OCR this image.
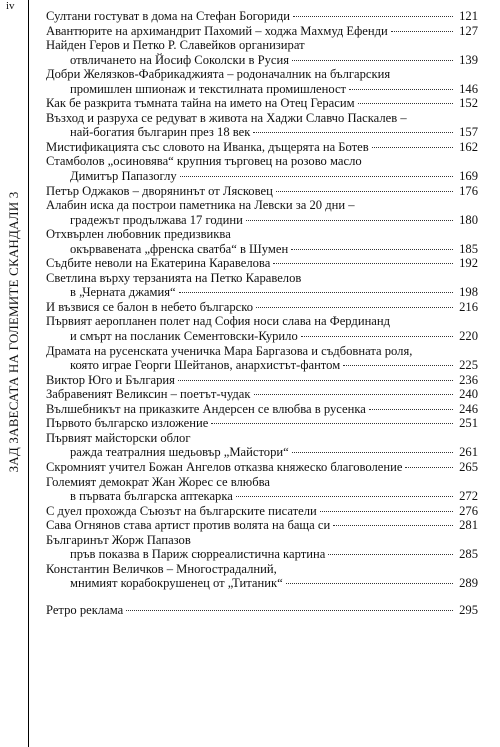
iv
ЗАД ЗАВЕСАТА НА ГОЛЕМИТЕ СКАНДАЛИ 3
Султани гостуват в дома на Стефан Богориди	121
Авантюрите на архимандрит Пахомий – ходжа Махмуд Ефенди	127
Найден Геров и Петко Р. Славейков организират
отвличането на Йосиф Соколски в Русия	139
Добри Желязков-Фабрикаджията – родоначалник на българския
промишлен шпионаж и текстилната промишленост	146
Как бе разкрита тъмната тайна на името на Отец Герасим	152
Възход и разруха се редуват в живота на Хаджи Славчо Паскалев –
най-богатия българин през 18 век	157
Мистификацията със словото на Иванка, дъщерята на Ботев	162
Стамболов „осиновява“ крупния търговец на розово масло
Димитър Папазоглу	169
Петър Оджаков – дворянинът от Лясковец	176
Алабин иска да построи паметника на Левски за 20 дни –
градежът продължава 17 години	180
Отхвърлен любовник предизвиква
окървавената „френска сватба“ в Шумен	185
Съдбите неволи на Екатерина Каравелова	192
Светлина върху терзанията на Петко Каравелов
в „Черната джамия“	198
И възвися се балон в небето българско	216
Първият аеропланен полет над София носи слава на Фердинанд
и смърт на посланик Сементовски-Курило	220
Драмата на русенската ученичка Мара Баргазова и съдбовната роля,
която играе Георги Шейтанов, анархистът-фантом	225
Виктор Юго и България	236
Забравеният Великсин – поетът-чудак	240
Вълшебникът на приказките Андерсен се влюбва в русенка	246
Първото българско изложение	251
Първият майсторски облог
ражда театралния шедьовър „Майстори“	261
Скромният учител Божан Ангелов отказва княжеско благоволение	265
Големият демократ Жан Жорес се влюбва
в първата българска аптекарка	272
С дуел прохожда Съюзът на българските писатели	276
Сава Огнянов става артист против волята на баща си	281
Българинът Жорж Папазов
пръв показва в Париж сюрреалистична картина	285
Константин Величков – Многострадалний,
мнимият корабокрушенец от „Титаник“	289
Ретро реклама	295
